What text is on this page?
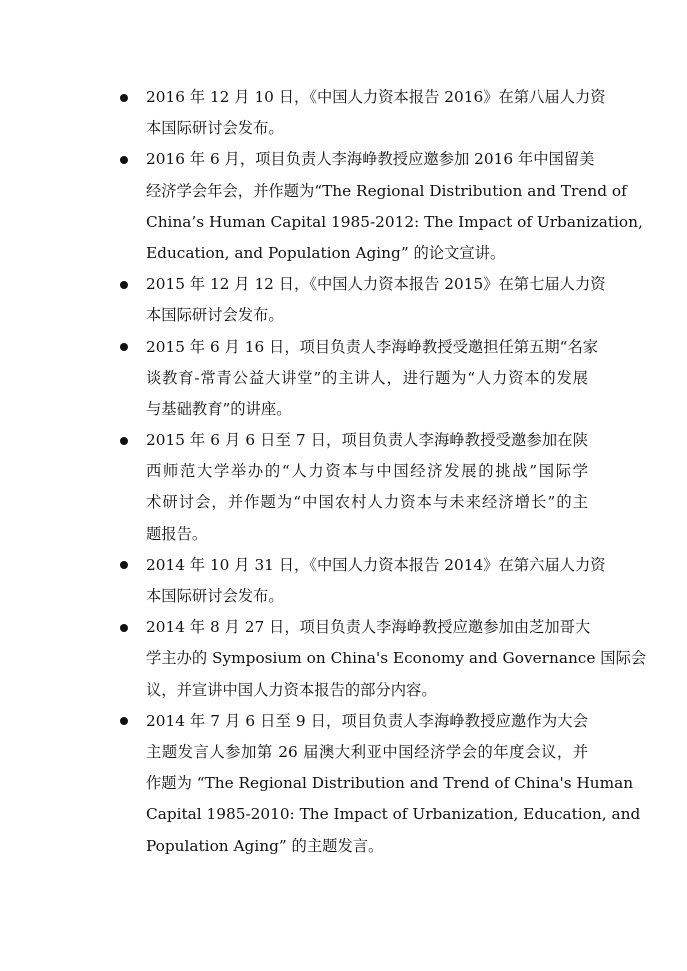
2016 年 12 月 10 日，《中国人力资本报告 2016》在第八届人力资
本国际研讨会发布。
2016 年 6 月，项目负责人李海峥教授应邀参加 2016 年中国留美
经济学会年会，并作题为“The Regional Distribution and Trend of
China’s Human Capital 1985-2012: The Impact of Urbanization,
Education, and Population Aging” 的论文宣讲。
2015 年 12 月 12 日，《中国人力资本报告 2015》在第七届人力资
本国际研讨会发布。
2015 年 6 月 16 日，项目负责人李海峥教授受邀担任第五期“名家
谈教育-常青公益大讲堂”的主讲人，进行题为“人力资本的发展
与基础教育”的讲座。
2015 年 6 月 6 日至 7 日，项目负责人李海峥教授受邀参加在陕
西师范大学举办的“人力资本与中国经济发展的挑战”国际学
术研讨会，并作题为“中国农村人力资本与未来经济增长”的主
题报告。
2014 年 10 月 31 日，《中国人力资本报告 2014》在第六届人力资
本国际研讨会发布。
2014 年 8 月 27 日，项目负责人李海峥教授应邀参加由芝加哥大
学主办的 Symposium on China's Economy and Governance 国际会
议，并宣讲中国人力资本报告的部分内容。
2014 年 7 月 6 日至 9 日，项目负责人李海峥教授应邀作为大会
主题发言人参加第 26 届澳大利亚中国经济学会的年度会议，并
作题为 “The Regional Distribution and Trend of China's Human
Capital 1985-2010: The Impact of Urbanization, Education, and
Population Aging” 的主题发言。
